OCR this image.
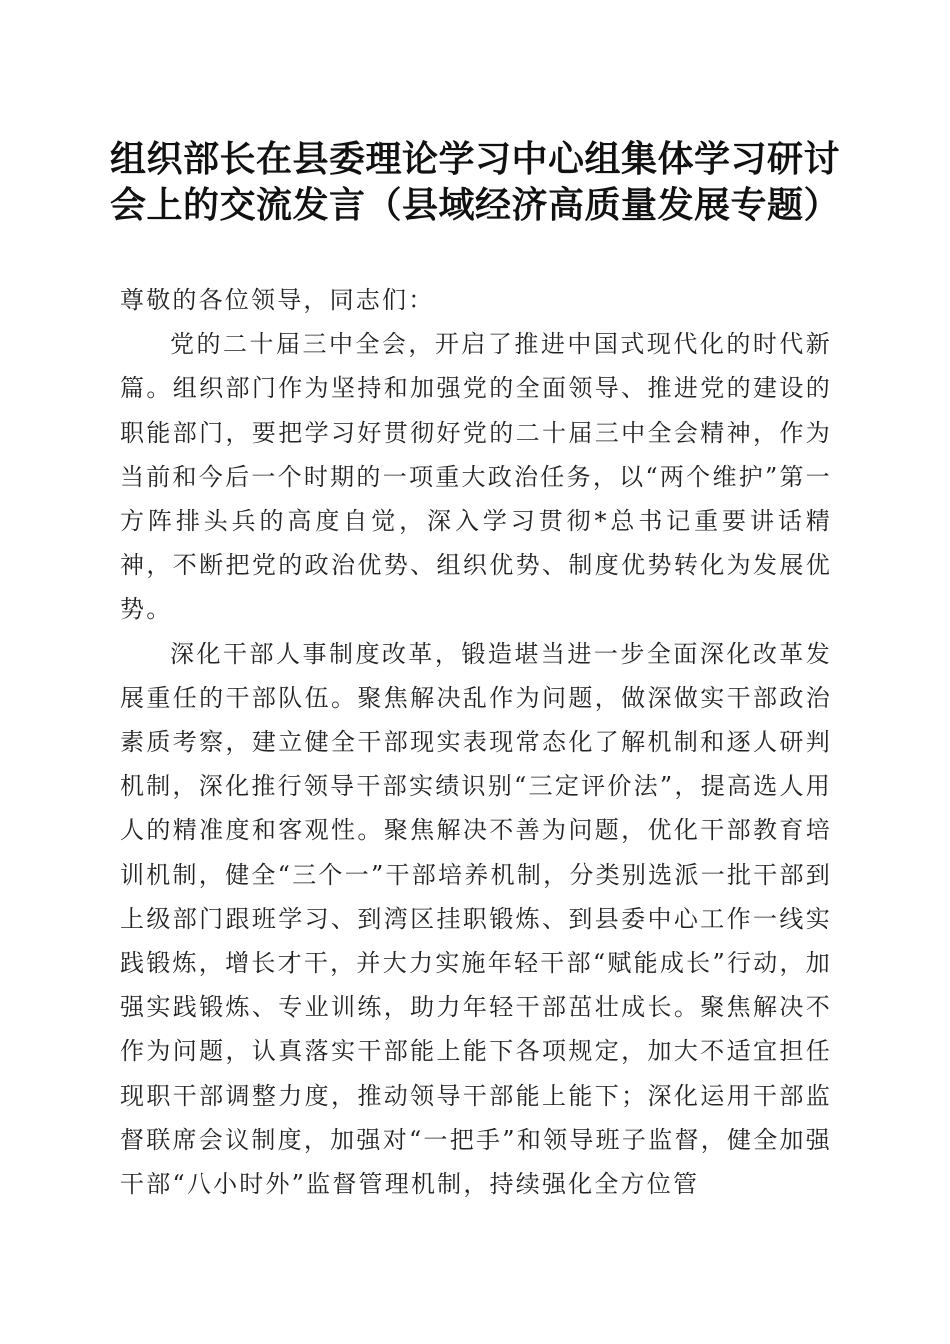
组织部长在县委理论学习中心组集体学习研讨
会上的交流发言（县域经济高质量发展专题）

尊敬的各位领导，同志们：

党的二十届三中全会，开启了推进中国式现代化的时代新篇。组织部门作为坚持和加强党的全面领导、推进党的建设的职能部门，要把学习好贯彻好党的二十届三中全会精神，作为当前和今后一个时期的一项重大政治任务，以“两个维护”第一方阵排头兵的高度自觉，深入学习贯彻*总书记重要讲话精神，不断把党的政治优势、组织优势、制度优势转化为发展优势。

深化干部人事制度改革，锻造堪当进一步全面深化改革发展重任的干部队伍。聚焦解决乱作为问题，做深做实干部政治素质考察，建立健全干部现实表现常态化了解机制和逐人研判机制，深化推行领导干部实绩识别“三定评价法”，提高选人用人的精准度和客观性。聚焦解决不善为问题，优化干部教育培训机制，健全“三个一”干部培养机制，分类别选派一批干部到上级部门跟班学习、到湾区挂职锻炼、到县委中心工作一线实践锻炼，增长才干，并大力实施年轻干部“赋能成长”行动，加强实践锻炼、专业训练，助力年轻干部茁壮成长。聚焦解决不作为问题，认真落实干部能上能下各项规定，加大不适宜担任现职干部调整力度，推动领导干部能上能下；深化运用干部监督联席会议制度，加强对“一把手”和领导班子监督，健全加强干部“八小时外”监督管理机制，持续强化全方位管
